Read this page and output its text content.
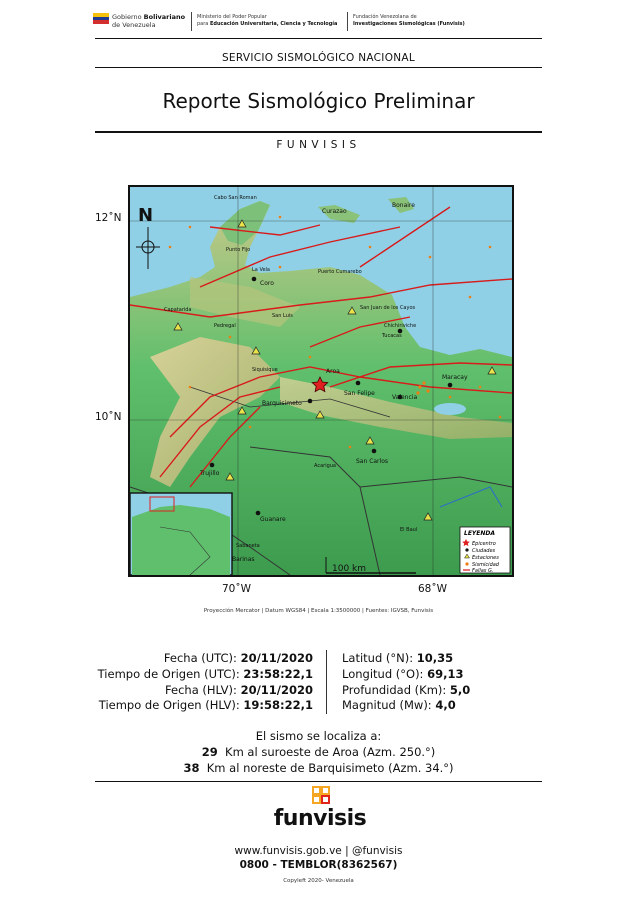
Gobierno Bolivariano
de Venezuela
Ministerio del Poder Popular
para Educación Universitaria, Ciencia y Tecnología
Fundación Venezolana de
Investigaciones Sismológicas (Funvisis)
SERVICIO SISMOLÓGICO NACIONAL
Reporte Sismológico Preliminar
FUNVISIS
12˚N
10˚N
70˚W	68˚W
Cabo San Roman
Curazao
Bonaire
Punto Fijo
La Vela
Coro
Tucacas
Puerto Cumarebo
Capatarida
Pedregal
San Luis
San Juan de los Cayos
Chichiriviche
Siquisique	Aroa
Barquisimeto
San Felipe
Valencia
Maracay
San Carlos
Acarigua
Trujillo
Guanare
El Baul
Sabaneta
Barinas
N
100 km
LEYENDA
Epicentro
Ciudades
Estaciones
Sismicidad
Fallas G.
Proyección Mercator | Datum WGS84 | Escala 1:3500000 | Fuentes: IGVSB, Funvisis
Fecha (UTC): 20/11/2020
Tiempo de Origen (UTC): 23:58:22,1
Fecha (HLV): 20/11/2020
Tiempo de Origen (HLV): 19:58:22,1
Latitud (°N): 10,35
Longitud (°O): 69,13
Profundidad (Km): 5,0
Magnitud (Mw): 4,0
El sismo se localiza a:
29 Km al suroeste de Aroa (Azm. 250.°)
38 Km al noreste de Barquisimeto (Azm. 34.°)
funvisis
www.funvisis.gob.ve | @funvisis
0800 - TEMBLOR(8362567)
Copyleft 2020- Venezuela
